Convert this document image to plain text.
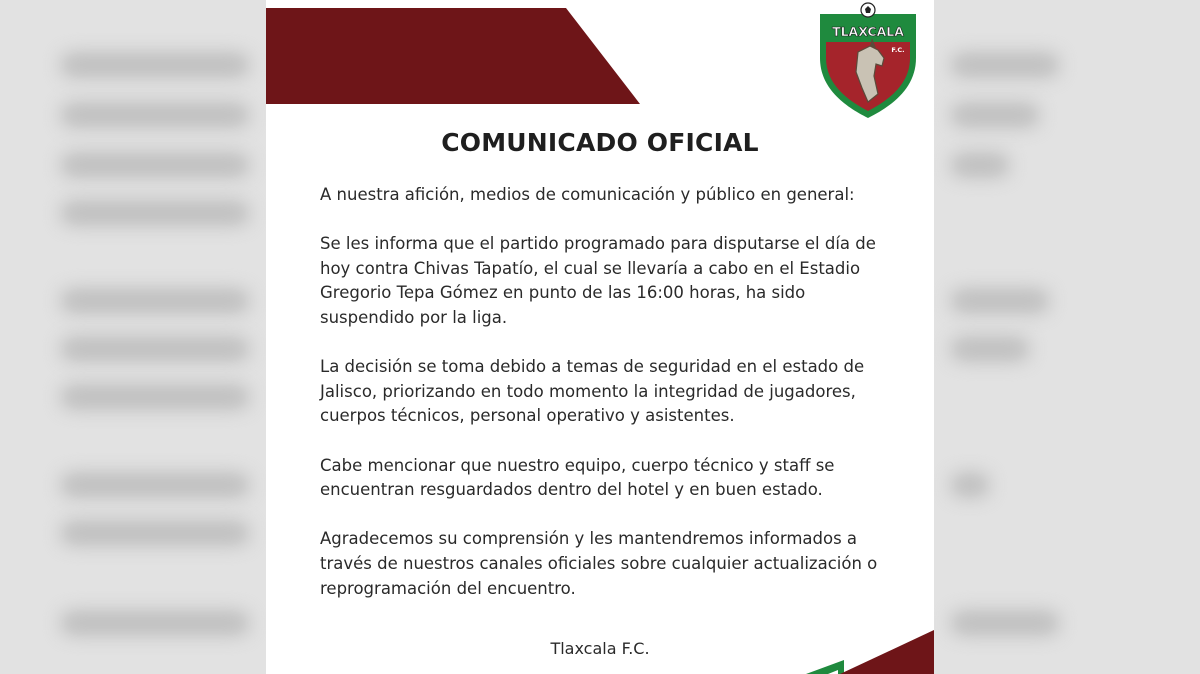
TLAXCALA
F.C.
COMUNICADO OFICIAL

A nuestra afición, medios de comunicación y público en general:

Se les informa que el partido programado para disputarse el día de
hoy contra Chivas Tapatío, el cual se llevaría a cabo en el Estadio
Gregorio Tepa Gómez en punto de las 16:00 horas, ha sido
suspendido por la liga.

La decisión se toma debido a temas de seguridad en el estado de
Jalisco, priorizando en todo momento la integridad de jugadores,
cuerpos técnicos, personal operativo y asistentes.

Cabe mencionar que nuestro equipo, cuerpo técnico y staff se
encuentran resguardados dentro del hotel y en buen estado.

Agradecemos su comprensión y les mantendremos informados a
través de nuestros canales oficiales sobre cualquier actualización o
reprogramación del encuentro.

Tlaxcala F.C.
